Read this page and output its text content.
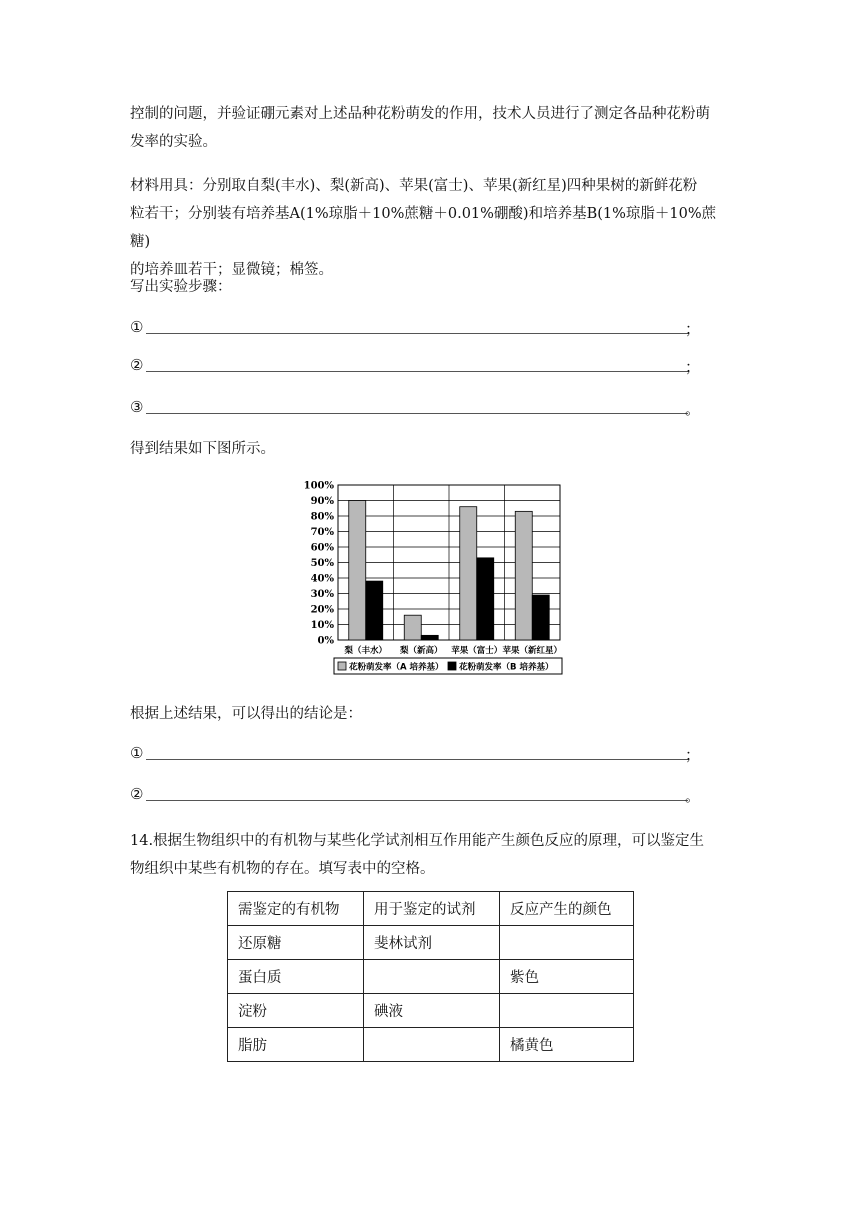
控制的问题，并验证硼元素对上述品种花粉萌发的作用，技术人员进行了测定各品种花粉萌
发率的实验。

材料用具：分别取自梨(丰水)、梨(新高)、苹果(富士)、苹果(新红星)四种果树的新鲜花粉
粒若干；分别装有培养基A(1%琼脂＋10%蔗糖＋0.01%硼酸)和培养基B(1%琼脂＋10%蔗糖)
的培养皿若干；显微镜；棉签。

写出实验步骤：

①	；
②	；
③	。

得到结果如下图所示。

0%
10%
20%
30%
40%
50%
60%
70%
80%
90%
100%
梨（丰水） 梨（新高） 苹果（富士） 苹果（新红星）
花粉萌发率（A 培养基） 花粉萌发率（B 培养基）

根据上述结果，可以得出的结论是：

①	；
②	。

14.根据生物组织中的有机物与某些化学试剂相互作用能产生颜色反应的原理，可以鉴定生
物组织中某些有机物的存在。填写表中的空格。

需鉴定的有机物	用于鉴定的试剂	反应产生的颜色
还原糖	斐林试剂	
蛋白质		紫色
淀粉	碘液	
脂肪		橘黄色
